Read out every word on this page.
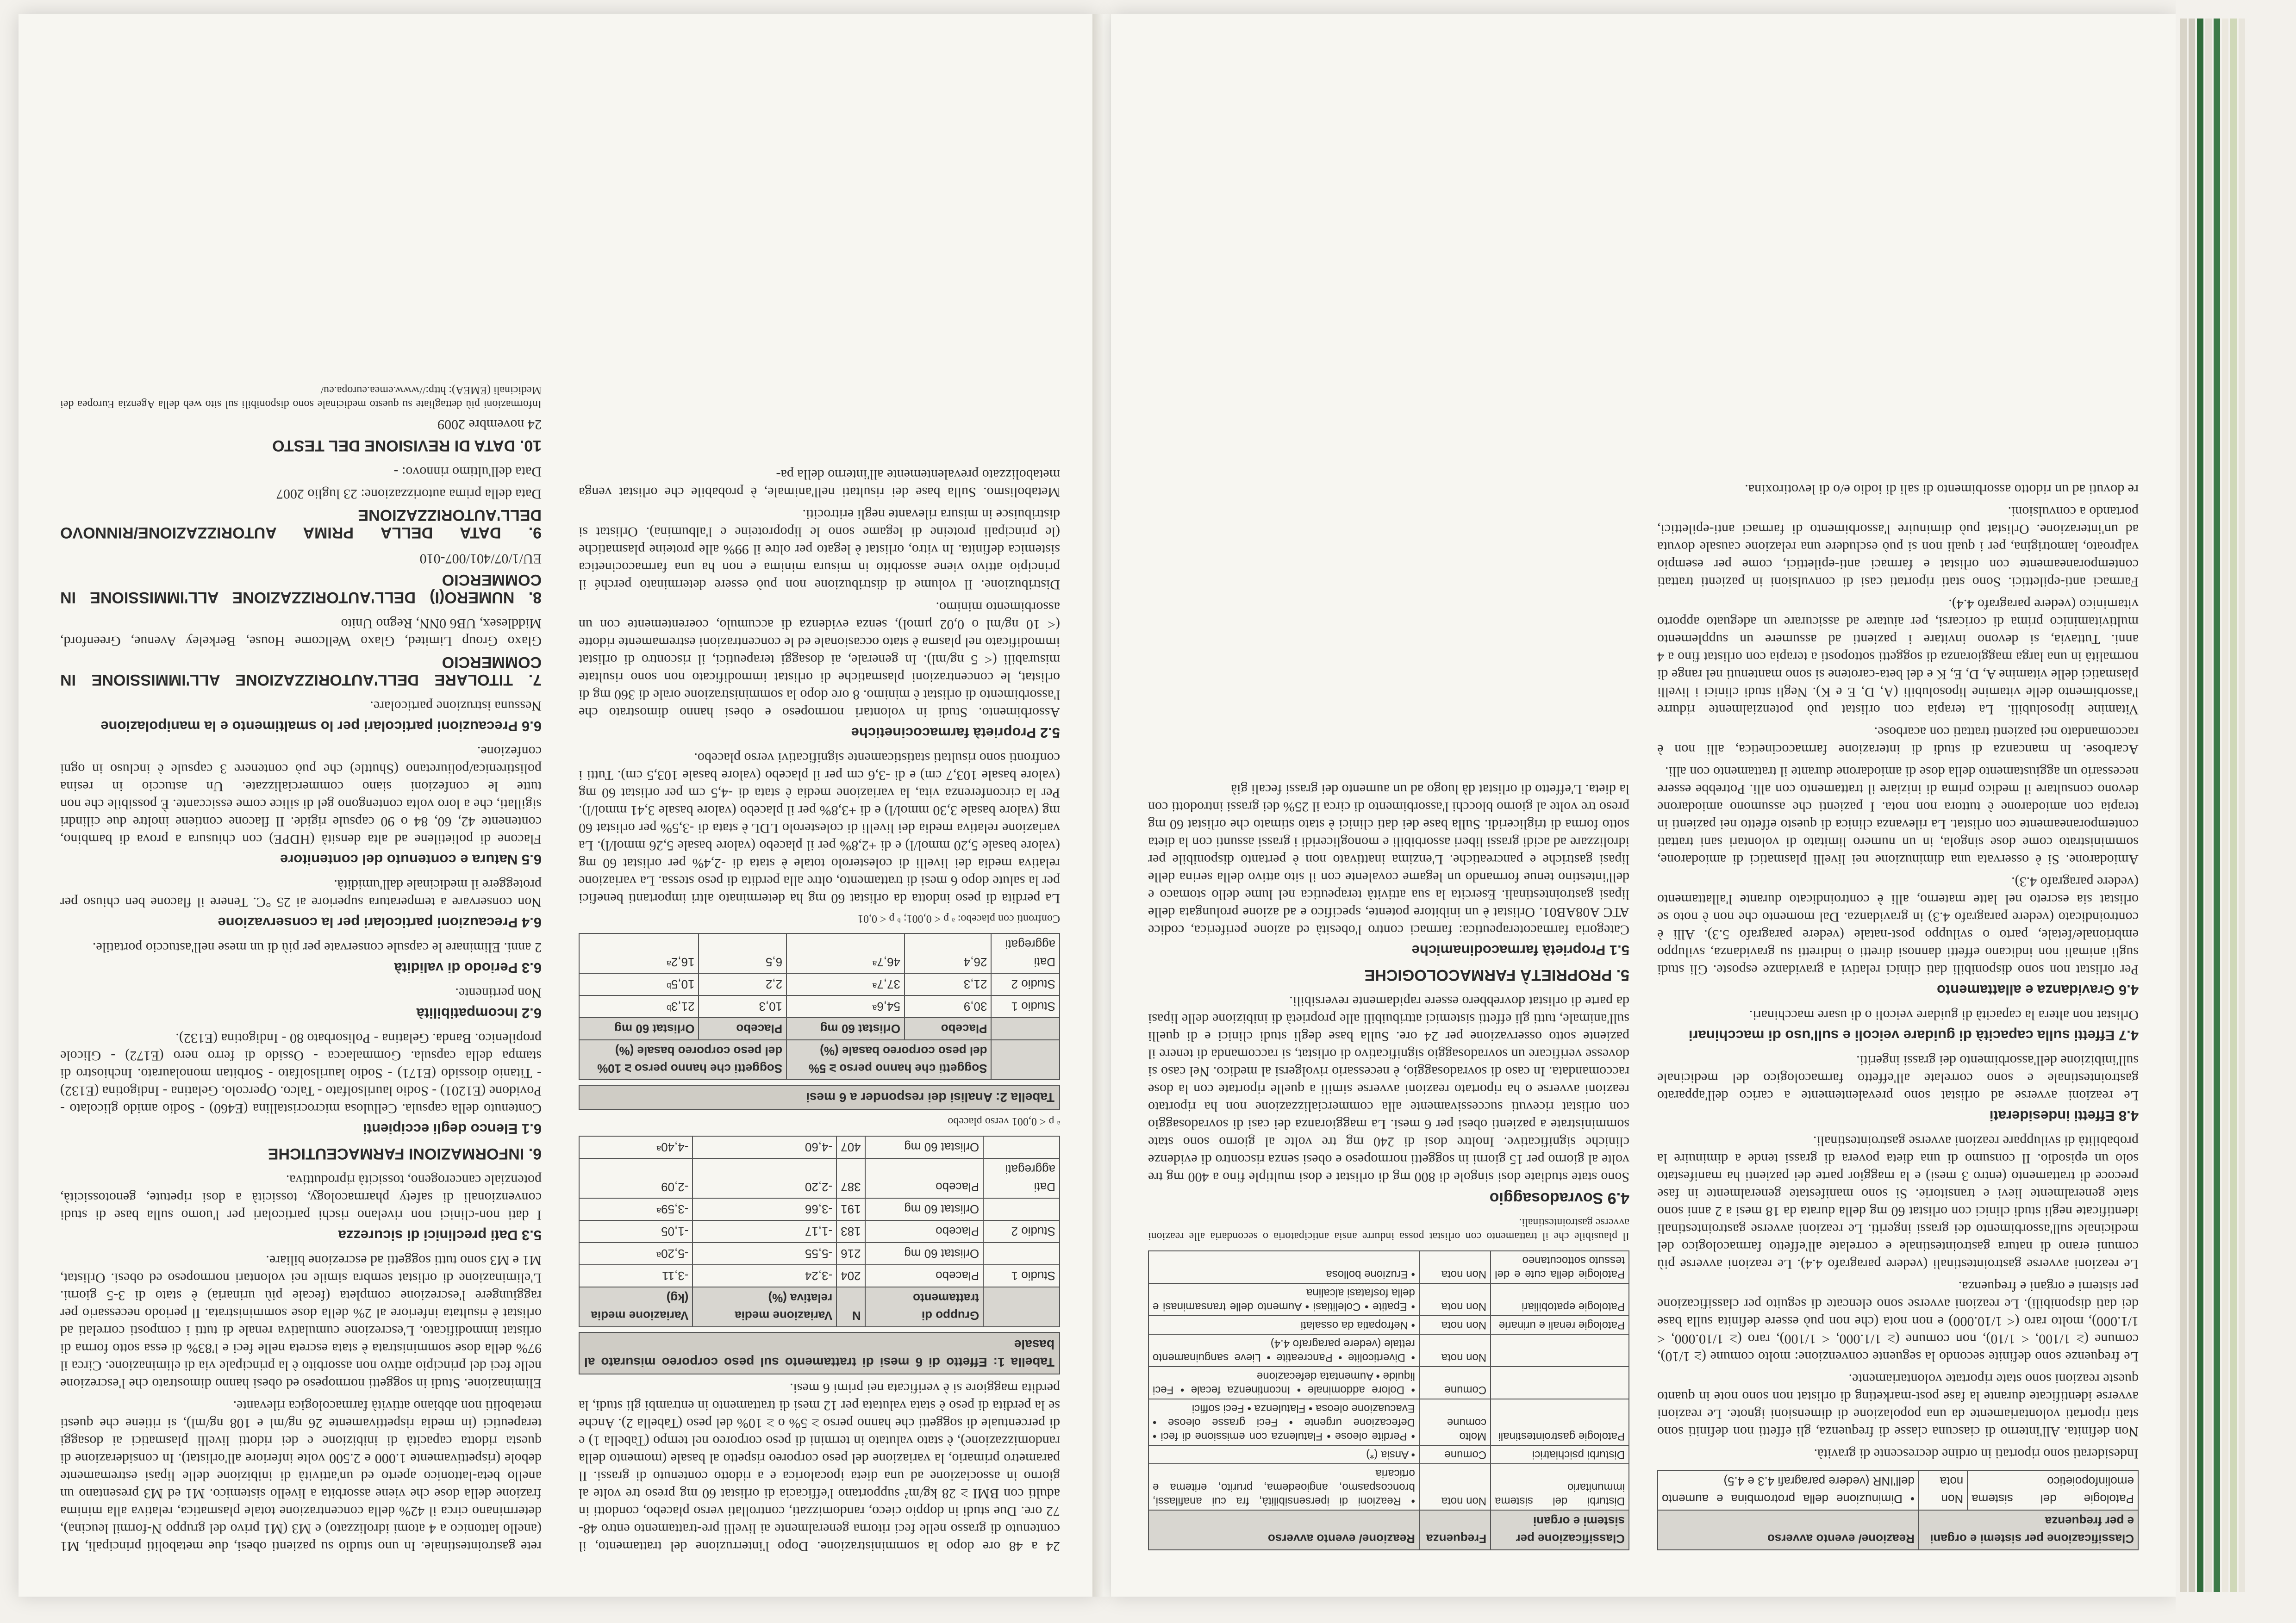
24 a 48 ore dopo la somministrazione. Dopo l'interruzione del trattamento, il contenuto di grasso nelle feci ritorna generalmente ai livelli pre-trattamento entro 48-72 ore. Due studi in doppio cieco, randomizzati, controllati verso placebo, condotti in adulti con BMI ≥ 28 kg/m² supportano l'efficacia di orlistat 60 mg preso tre volte al giorno in associazione ad una dieta ipocalorica e a ridotto contenuto di grassi. Il parametro primario, la variazione del peso corporeo rispetto al basale (momento della randomizzazione), è stato valutato in termini di peso corporeo nel tempo (Tabella 1) e di percentuale di soggetti che hanno perso ≥ 5% o ≥ 10% del peso (Tabella 2). Anche se la perdita di peso è stata valutata per 12 mesi di trattamento in entrambi gli studi, la perdita maggiore si è verificata nei primi 6 mesi.

Tabella 1: Effetto di 6 mesi di trattamento sul peso corporeo misurato al basale
	Gruppo di trattamento	N	Variazione media relativa (%)	Variazione media (kg)
Studio 1	Placebo	204	-3,24	-3,11
	Orlistat 60 mg	216	-5,55	-5,20ᵃ
Studio 2	Placebo	183	-1,17	-1,05
	Orlistat 60 mg	191	-3,66	-3,59ᵃ
Dati aggregati	Placebo	387	-2,20	-2,09
	Orlistat 60 mg	407	-4,60	-4,40ᵃ

ᵃ p < 0,001 verso placebo

Tabella 2: Analisi dei responder a 6 mesi
	Soggetti che hanno perso ≥ 5% del peso corporeo basale (%)		Soggetti che hanno perso ≥ 10% del peso corporeo basale (%)	
	Placebo	Orlistat 60 mg	Placebo	Orlistat 60 mg
Studio 1	30,9	54,6ᵃ	10,3	21,3ᵇ
Studio 2	21,3	37,7ᵃ	2,2	10,5ᵇ
Dati aggregati	26,4	46,7ᵃ	6,5	16,2ᵃ

Confronti con placebo: ᵃ p < 0,001; ᵇ p < 0,01

La perdita di peso indotta da orlistat 60 mg ha determinato altri importanti benefici per la salute dopo 6 mesi di trattamento, oltre alla perdita di peso stessa. La variazione relativa media dei livelli di colesterolo totale è stata di -2,4% per orlistat 60 mg (valore basale 5,20 mmol/l) e di +2,8% per il placebo (valore basale 5,26 mmol/l). La variazione relativa media dei livelli di colesterolo LDL è stata di -3,5% per orlistat 60 mg (valore basale 3,30 mmol/l) e di +3,8% per il placebo (valore basale 3,41 mmol/l). Per la circonferenza vita, la variazione media è stata di -4,5 cm per orlistat 60 mg (valore basale 103,7 cm) e di -3,6 cm per il placebo (valore basale 103,5 cm). Tutti i confronti sono risultati statisticamente significativi verso placebo.

5.2 Proprietà farmacocinetiche

Assorbimento. Studi in volontari normopeso e obesi hanno dimostrato che l'assorbimento di orlistat è minimo. 8 ore dopo la somministrazione orale di 360 mg di orlistat, le concentrazioni plasmatiche di orlistat immodificato non sono risultate misurabili (< 5 ng/ml). In generale, ai dosaggi terapeutici, il riscontro di orlistat immodificato nel plasma è stato occasionale ed le concentrazioni estremamente ridotte (< 10 ng/ml o 0,02 µmol), senza evidenza di accumulo, coerentemente con un assorbimento minimo.

Distribuzione. Il volume di distribuzione non può essere determinato perché il principio attivo viene assorbito in misura minima e non ha una farmacocinetica sistemica definita. In vitro, orlistat è legato per oltre il 99% alle proteine plasmatiche (le principali proteine di legame sono le lipoproteine e l'albumina). Orlistat si distribuisce in misura rilevante negli eritrociti.

Metabolismo. Sulla base dei risultati nell'animale, è probabile che orlistat venga metabolizzato prevalentemente all'interno della pa-

rete gastrointestinale. In uno studio su pazienti obesi, due metaboliti principali, M1 (anello lattonico a 4 atomi idrolizzato) e M3 (M1 privo del gruppo N-formil leucina), determinano circa il 42% della concentrazione totale plasmatica, relativa alla minima frazione della dose che viene assorbita a livello sistemico. M1 ed M3 presentano un anello beta-lattonico aperto ed un'attività di inibizione delle lipasi estremamente debole (rispettivamente 1.000 e 2.500 volte inferiore all'orlistat). In considerazione di questa ridotta capacità di inibizione e dei ridotti livelli plasmatici ai dosaggi terapeutici (in media rispettivamente 26 ng/ml e 108 ng/ml), si ritiene che questi metaboliti non abbiano attività farmacologica rilevante.

Eliminazione. Studi in soggetti normopeso ed obesi hanno dimostrato che l'escrezione nelle feci del principio attivo non assorbito è la principale via di eliminazione. Circa il 97% della dose somministrata è stata escreta nelle feci e l'83% di essa sotto forma di orlistat immodificato. L'escrezione cumulativa renale di tutti i composti correlati ad orlistat è risultata inferiore al 2% della dose somministrata. Il periodo necessario per raggiungere l'escrezione completa (fecale più urinaria) è stato di 3-5 giorni. L'eliminazione di orlistat sembra simile nei volontari normopeso ed obesi. Orlistat, M1 e M3 sono tutti soggetti ad escrezione biliare.

5.3 Dati preclinici di sicurezza

I dati non-clinici non rivelano rischi particolari per l'uomo sulla base di studi convenzionali di safety pharmacology, tossicità a dosi ripetute, genotossicità, potenziale cancerogeno, tossicità riproduttiva.

6. INFORMAZIONI FARMACEUTICHE
6.1 Elenco degli eccipienti

Contenuto della capsula. Cellulosa microcristallina (E460) - Sodio amido glicolato - Povidone (E1201) - Sodio laurilsolfato - Talco. Opercolo. Gelatina - Indigotina (E132) - Titanio diossido (E171) - Sodio laurilsolfato - Sorbitan monolaurato. Inchiostro di stampa della capsula. Gommalacca - Ossido di ferro nero (E172) - Glicole propilenico. Banda. Gelatina - Polisorbato 80 - Indigotina (E132).

6.2 Incompatibilità

Non pertinente.

6.3 Periodo di validità

2 anni. Eliminare le capsule conservate per più di un mese nell'astuccio portatile.

6.4 Precauzioni particolari per la conservazione

Non conservare a temperatura superiore ai 25 °C. Tenere il flacone ben chiuso per proteggere il medicinale dall'umidità.

6.5 Natura e contenuto del contenitore

Flacone di polietilene ad alta densità (HDPE) con chiusura a prova di bambino, contenente 42, 60, 84 o 90 capsule rigide. Il flacone contiene inoltre due cilindri sigillati, che a loro volta contengono gel di silice come essiccante. È possibile che non tutte le confezioni siano commercializzate. Un astuccio in resina polistirenica/poliuretano (Shuttle) che può contenere 3 capsule è incluso in ogni confezione.

6.6 Precauzioni particolari per lo smaltimento e la manipolazione

Nessuna istruzione particolare.

7. TITOLARE DELL'AUTORIZZAZIONE ALL'IMMISSIONE IN COMMERCIO

Glaxo Group Limited, Glaxo Wellcome House, Berkeley Avenue, Greenford, Middlesex, UB6 0NN, Regno Unito

8. NUMERO(I) DELL'AUTORIZZAZIONE ALL'IMMISSIONE IN COMMERCIO

EU/1/07/401/007-010

9. DATA DELLA PRIMA AUTORIZZAZIONE/RINNOVO DELL'AUTORIZZAZIONE

Data della prima autorizzazione: 23 luglio 2007

Data dell'ultimo rinnovo: -

10. DATA DI REVISIONE DEL TESTO

24 novembre 2009

Informazioni più dettagliate su questo medicinale sono disponibili sul sito web della Agenzia Europea dei Medicinali (EMEA): http://www.emea.europa.eu/

Classificazione per sistemi e organi e per frequenza		Reazione/ evento avverso
Patologie del sistema emolinfopoietico	Non nota	• Diminuzione della protrombina e aumento dell'INR (vedere paragrafi 4.3 e 4.5)

Indesiderati sono riportati in ordine decrescente di gravità.

Non definita. All'interno di ciascuna classe di frequenza, gli effetti non definiti sono stati riportati volontariamente da una popolazione di dimensioni ignote. Le reazioni avverse identificate durante la fase post-marketing di orlistat non sono note in quanto queste reazioni sono state riportate volontariamente.

Le frequenze sono definite secondo la seguente convenzione: molto comune (≥ 1/10), comune (≥ 1/100, < 1/10), non comune (≥ 1/1.000, < 1/100), raro (≥ 1/10.000, < 1/1.000), molto raro (< 1/10.000) e non nota (che non può essere definita sulla base dei dati disponibili). Le reazioni avverse sono elencate di seguito per classificazione per sistemi e organi e frequenza.

Le reazioni avverse gastrointestinali (vedere paragrafo 4.4). Le reazioni avverse più comuni erano di natura gastrointestinale e correlate all'effetto farmacologico del medicinale sull'assorbimento dei grassi ingeriti. Le reazioni avverse gastrointestinali identificate negli studi clinici con orlistat 60 mg della durata da 18 mesi a 2 anni sono state generalmente lievi e transitorie. Si sono manifestate generalmente in fase precoce di trattamento (entro 3 mesi) e la maggior parte dei pazienti ha manifestato solo un episodio. Il consumo di una dieta povera di grassi tende a diminuire la probabilità di sviluppare reazioni avverse gastrointestinali.

4.8 Effetti indesiderati

Le reazioni avverse ad orlistat sono prevalentemente a carico dell'apparato gastrointestinale e sono correlate all'effetto farmacologico del medicinale sull'inibizione dell'assorbimento dei grassi ingeriti.

4.7 Effetti sulla capacità di guidare veicoli e sull'uso di macchinari

Orlistat non altera la capacità di guidare veicoli o di usare macchinari.

4.6 Gravidanza e allattamento

Per orlistat non sono disponibili dati clinici relativi a gravidanze esposte. Gli studi sugli animali non indicano effetti dannosi diretti o indiretti su gravidanza, sviluppo embrionale/fetale, parto o sviluppo post-natale (vedere paragrafo 5.3). Alli è controindicato (vedere paragrafo 4.3) in gravidanza. Dal momento che non è noto se orlistat sia escreto nel latte materno, alli è controindicato durante l'allattamento (vedere paragrafo 4.3).

Amiodarone. Si è osservata una diminuzione nei livelli plasmatici di amiodarone, somministrato come dose singola, in un numero limitato di volontari sani trattati contemporaneamente con orlistat. La rilevanza clinica di questo effetto nei pazienti in terapia con amiodarone è tuttora non nota. I pazienti che assumono amiodarone devono consultare il medico prima di iniziare il trattamento con alli. Potrebbe essere necessario un aggiustamento della dose di amiodarone durante il trattamento con alli.

Acarbose. In mancanza di studi di interazione farmacocinetica, alli non è raccomandato nei pazienti trattati con acarbose.

Vitamine liposolubili. La terapia con orlistat può potenzialmente ridurre l'assorbimento delle vitamine liposolubili (A, D, E e K). Negli studi clinici i livelli plasmatici delle vitamine A, D, E, K e del beta-carotene si sono mantenuti nel range di normalità in una larga maggioranza di soggetti sottoposti a terapia con orlistat fino a 4 anni. Tuttavia, si devono invitare i pazienti ad assumere un supplemento multivitaminico prima di coricarsi, per aiutare ad assicurare un adeguato apporto vitaminico (vedere paragrafo 4.4).

Farmaci anti-epilettici. Sono stati riportati casi di convulsioni in pazienti trattati contemporaneamente con orlistat e farmaci anti-epilettici, come per esempio valproato, lamotrigina, per i quali non si può escludere una relazione causale dovuta ad un'interazione. Orlistat può diminuire l'assorbimento di farmaci anti-epilettici, portando a convulsioni.

re dovuti ad un ridotto assorbimento di sali di iodio e/o di levotiroxina.

Classificazione per sistemi e organi	Frequenza	Reazione/ evento avverso
Disturbi del sistema immunitario	Non nota	• Reazioni di ipersensibilità, fra cui anafilassi, broncospasmo, angioedema, prurito, eritema e orticaria
Disturbi psichiatrici	Comune	• Ansia (*)
Patologie gastrointestinali	Molto comune	• Perdite oleose • Flatulenza con emissione di feci • Defecazione urgente • Feci grasse oleose • Evacuazione oleosa • Flatulenza • Feci soffici
	Comune	• Dolore addominale • Incontinenza fecale • Feci liquide • Aumentata defecazione
	Non nota	• Diverticolite • Pancreatite • Lieve sanguinamento rettale (vedere paragrafo 4.4)
Patologie renali e urinarie	Non nota	• Nefropatia da ossalati
Patologie epatobiliari	Non nota	• Epatite • Colelitiasi • Aumento delle transaminasi e della fosfatasi alcalina
Patologie della cute e del tessuto sottocutaneo	Non nota	• Eruzione bollosa

Il plausibile che il trattamento con orlistat possa indurre ansia anticipatoria o secondaria alle reazioni avverse gastrointestinali.

4.9 Sovradosaggio

Sono state studiate dosi singole di 800 mg di orlistat e dosi multiple fino a 400 mg tre volte al giorno per 15 giorni in soggetti normopeso e obesi senza riscontro di evidenze cliniche significative. Inoltre dosi di 240 mg tre volte al giorno sono state somministrate a pazienti obesi per 6 mesi. La maggioranza dei casi di sovradosaggio con orlistat ricevuti successivamente alla commercializzazione non ha riportato reazioni avverse o ha riportato reazioni avverse simili a quelle riportate con la dose raccomandata. In caso di sovradosaggio, è necessario rivolgersi al medico. Nel caso si dovesse verificare un sovradosaggio significativo di orlistat, si raccomanda di tenere il paziente sotto osservazione per 24 ore. Sulla base degli studi clinici e di quelli sull'animale, tutti gli effetti sistemici attribuibili alle proprietà di inibizione delle lipasi da parte di orlistat dovrebbero essere rapidamente reversibili.

5. PROPRIETÀ FARMACOLOGICHE
5.1 Proprietà farmacodinamiche

Categoria farmacoterapeutica: farmaci contro l'obesità ed azione periferica, codice ATC A08AB01. Orlistat è un inibitore potente, specifico e ad azione prolungata delle lipasi gastrointestinali. Esercita la sua attività terapeutica nel lume dello stomaco e dell'intestino tenue formando un legame covalente con il sito attivo della serina delle lipasi gastriche e pancreatiche. L'enzima inattivato non è pertanto disponibile per idrolizzare ad acidi grassi liberi assorbibili e monogliceridi i grassi assunti con la dieta sotto forma di trigliceridi. Sulla base dei dati clinici è stato stimato che orlistat 60 mg preso tre volte al giorno blocchi l'assorbimento di circa il 25% dei grassi introdotti con la dieta. L'effetto di orlistat dà luogo ad un aumento dei grassi fecali già
